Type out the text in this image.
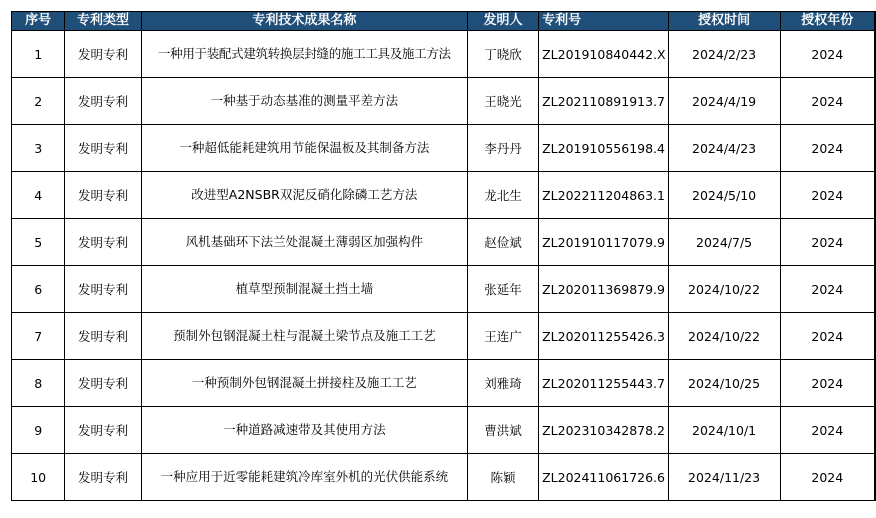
序号	专利类型	专利技术成果名称	发明人	专利号	授权时间	授权年份
1	发明专利	一种用于装配式建筑转换层封缝的施工工具及施工方法	丁晓欣	ZL201910840442.X	2024/2/23	2024
2	发明专利	一种基于动态基准的测量平差方法	王晓光	ZL202110891913.7	2024/4/19	2024
3	发明专利	一种超低能耗建筑用节能保温板及其制备方法	李丹丹	ZL201910556198.4	2024/4/23	2024
4	发明专利	改进型A2NSBR双泥反硝化除磷工艺方法	龙北生	ZL202211204863.1	2024/5/10	2024
5	发明专利	风机基础环下法兰处混凝土薄弱区加强构件	赵俭斌	ZL201910117079.9	2024/7/5	2024
6	发明专利	植草型预制混凝土挡土墙	张延年	ZL202011369879.9	2024/10/22	2024
7	发明专利	预制外包钢混凝土柱与混凝土梁节点及施工工艺	王连广	ZL202011255426.3	2024/10/22	2024
8	发明专利	一种预制外包钢混凝土拼接柱及施工工艺	刘雅琦	ZL202011255443.7	2024/10/25	2024
9	发明专利	一种道路减速带及其使用方法	曹洪斌	ZL202310342878.2	2024/10/1	2024
10	发明专利	一种应用于近零能耗建筑冷库室外机的光伏供能系统	陈颖	ZL202411061726.6	2024/11/23	2024
